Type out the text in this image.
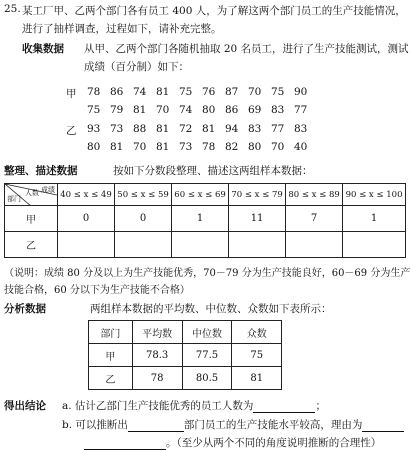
25. 某工厂甲、乙两个部门各有员工 400 人，为了解这两个部门员工的生产技能情况，
进行了抽样调查，过程如下，请补充完整。
收集数据 从甲、乙两个部门各随机抽取 20 名员工，进行了生产技能测试，测试
成绩（百分制）如下：
甲 78 86 74 81 75 76 87 70 75 90
75 79 81 70 74 80 86 69 83 77
乙 93 73 88 81 72 81 94 83 77 83
80 81 70 81 73 78 82 80 70 40
整理、描述数据	按如下分数段整理、描述这两组样本数据：
成绩
人数
部门	40 ≤ x ≤ 49	50 ≤ x ≤ 59	60 ≤ x ≤ 69	70 ≤ x ≤ 79	80 ≤ x ≤ 89	90 ≤ x ≤ 100
甲	0	0	1	11	7	1
乙						
（说明：成绩 80 分及以上为生产技能优秀，70－79 分为生产技能良好，60－69 分为生产
技能合格，60 分以下为生产技能不合格）
分析数据	两组样本数据的平均数、中位数、众数如下表所示：
部门	平均数	中位数	众数
甲	78.3	77.5	75
乙	78	80.5	81
得出结论 a. 估计乙部门生产技能优秀的员工人数为	；
b. 可以推断出	部门员工的生产技能水平较高，理由为
。（至少从两个不同的角度说明推断的合理性）
